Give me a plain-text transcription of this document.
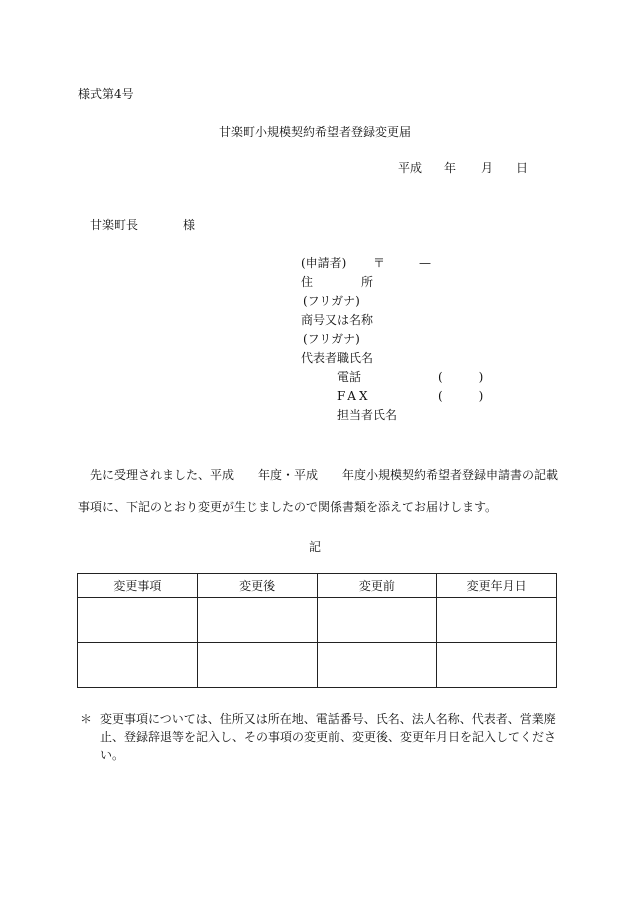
様式第4号
甘楽町小規模契約希望者登録変更届
平成 年 月 日
甘楽町長	様
(申請者) 〒	—
住	所
(フリガナ)
商号又は名称
(フリガナ)
代表者職氏名
電話	(　　　)
FAX	(　　　)
担当者氏名
先に受理されました、平成　　年度・平成　　年度小規模契約希望者登録申請書の記載
事項に、下記のとおり変更が生じましたので関係書類を添えてお届けします。
記
変更事項	変更後	変更前	変更年月日

＊ 変更事項については、住所又は所在地、電話番号、氏名、法人名称、代表者、営業廃止、登録辞退等を記入し、その事項の変更前、変更後、変更年月日を記入してください。
